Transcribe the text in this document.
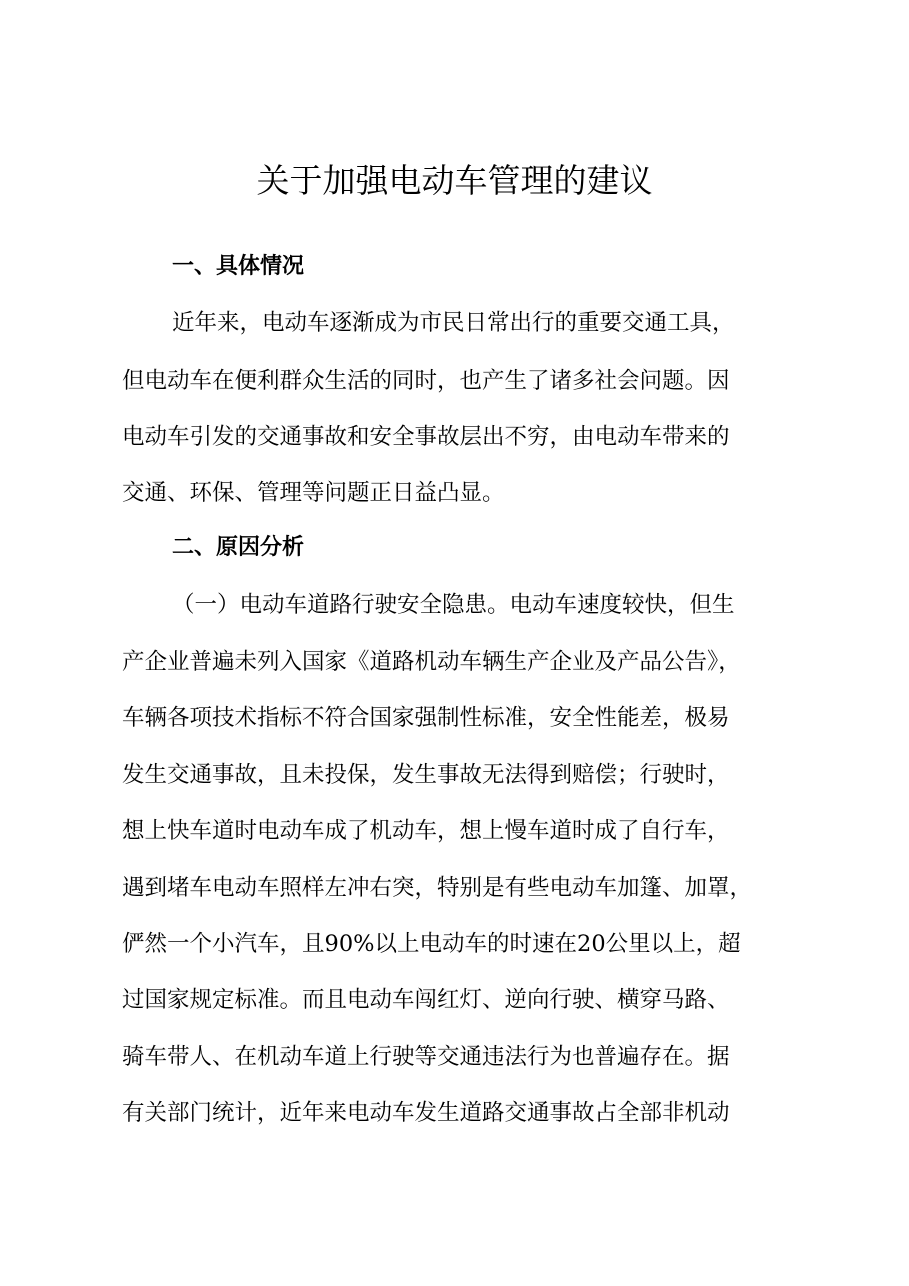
关于加强电动车管理的建议
一、具体情况

近年来，电动车逐渐成为市民日常出行的重要交通工具，

但电动车在便利群众生活的同时，也产生了诸多社会问题。因

电动车引发的交通事故和安全事故层出不穷，由电动车带来的

交通、环保、管理等问题正日益凸显。

二、原因分析

（一）电动车道路行驶安全隐患。电动车速度较快，但生

产企业普遍未列入国家《道路机动车辆生产企业及产品公告》，

车辆各项技术指标不符合国家强制性标准，安全性能差，极易

发生交通事故，且未投保，发生事故无法得到赔偿；行驶时，

想上快车道时电动车成了机动车，想上慢车道时成了自行车，

遇到堵车电动车照样左冲右突，特别是有些电动车加篷、加罩，

俨然一个小汽车，且90%以上电动车的时速在20公里以上，超

过国家规定标准。而且电动车闯红灯、逆向行驶、横穿马路、

骑车带人、在机动车道上行驶等交通违法行为也普遍存在。据

有关部门统计，近年来电动车发生道路交通事故占全部非机动
